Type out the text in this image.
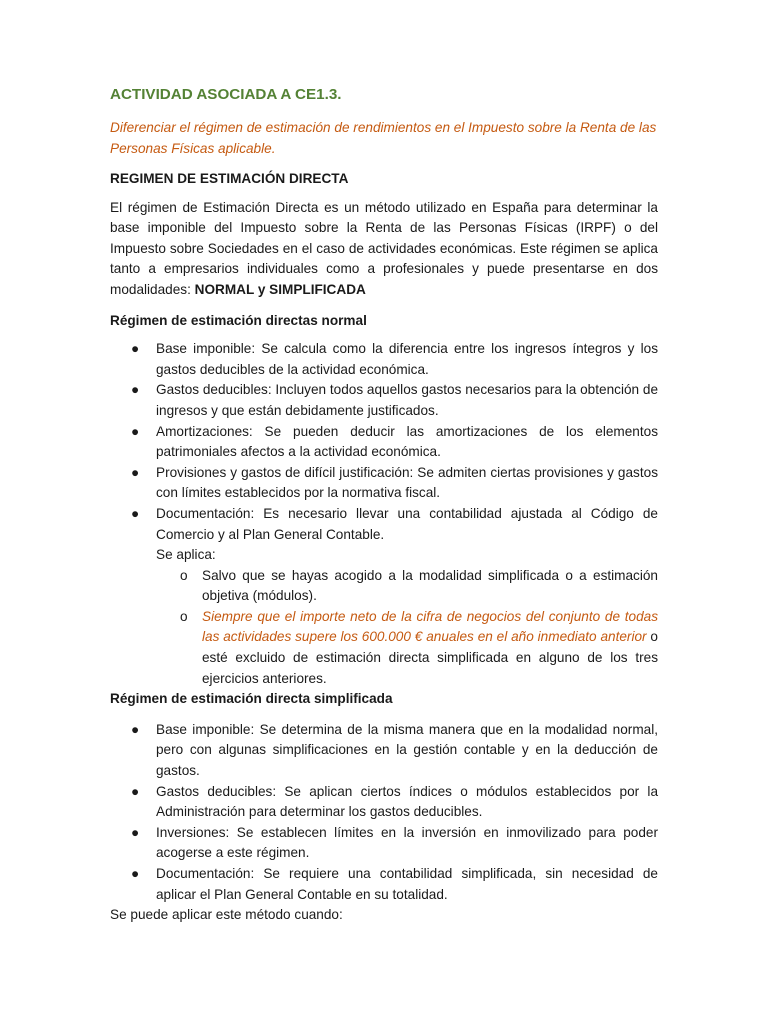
ACTIVIDAD ASOCIADA A CE1.3.
Diferenciar el régimen de estimación de rendimientos en el Impuesto sobre la Renta de las Personas Físicas aplicable.
REGIMEN DE ESTIMACIÓN DIRECTA
El régimen de Estimación Directa es un método utilizado en España para determinar la base imponible del Impuesto sobre la Renta de las Personas Físicas (IRPF) o del Impuesto sobre Sociedades en el caso de actividades económicas. Este régimen se aplica tanto a empresarios individuales como a profesionales y puede presentarse en dos modalidades: NORMAL y SIMPLIFICADA
Régimen de estimación directas normal
● Base imponible: Se calcula como la diferencia entre los ingresos íntegros y los gastos deducibles de la actividad económica.
● Gastos deducibles: Incluyen todos aquellos gastos necesarios para la obtención de ingresos y que están debidamente justificados.
● Amortizaciones: Se pueden deducir las amortizaciones de los elementos patrimoniales afectos a la actividad económica.
● Provisiones y gastos de difícil justificación: Se admiten ciertas provisiones y gastos con límites establecidos por la normativa fiscal.
● Documentación: Es necesario llevar una contabilidad ajustada al Código de Comercio y al Plan General Contable.
Se aplica:
o Salvo que se hayas acogido a la modalidad simplificada o a estimación objetiva (módulos).
o Siempre que el importe neto de la cifra de negocios del conjunto de todas las actividades supere los 600.000 € anuales en el año inmediato anterior o esté excluido de estimación directa simplificada en alguno de los tres ejercicios anteriores.
Régimen de estimación directa simplificada
● Base imponible: Se determina de la misma manera que en la modalidad normal, pero con algunas simplificaciones en la gestión contable y en la deducción de gastos.
● Gastos deducibles: Se aplican ciertos índices o módulos establecidos por la Administración para determinar los gastos deducibles.
● Inversiones: Se establecen límites en la inversión en inmovilizado para poder acogerse a este régimen.
● Documentación: Se requiere una contabilidad simplificada, sin necesidad de aplicar el Plan General Contable en su totalidad.
Se puede aplicar este método cuando:
